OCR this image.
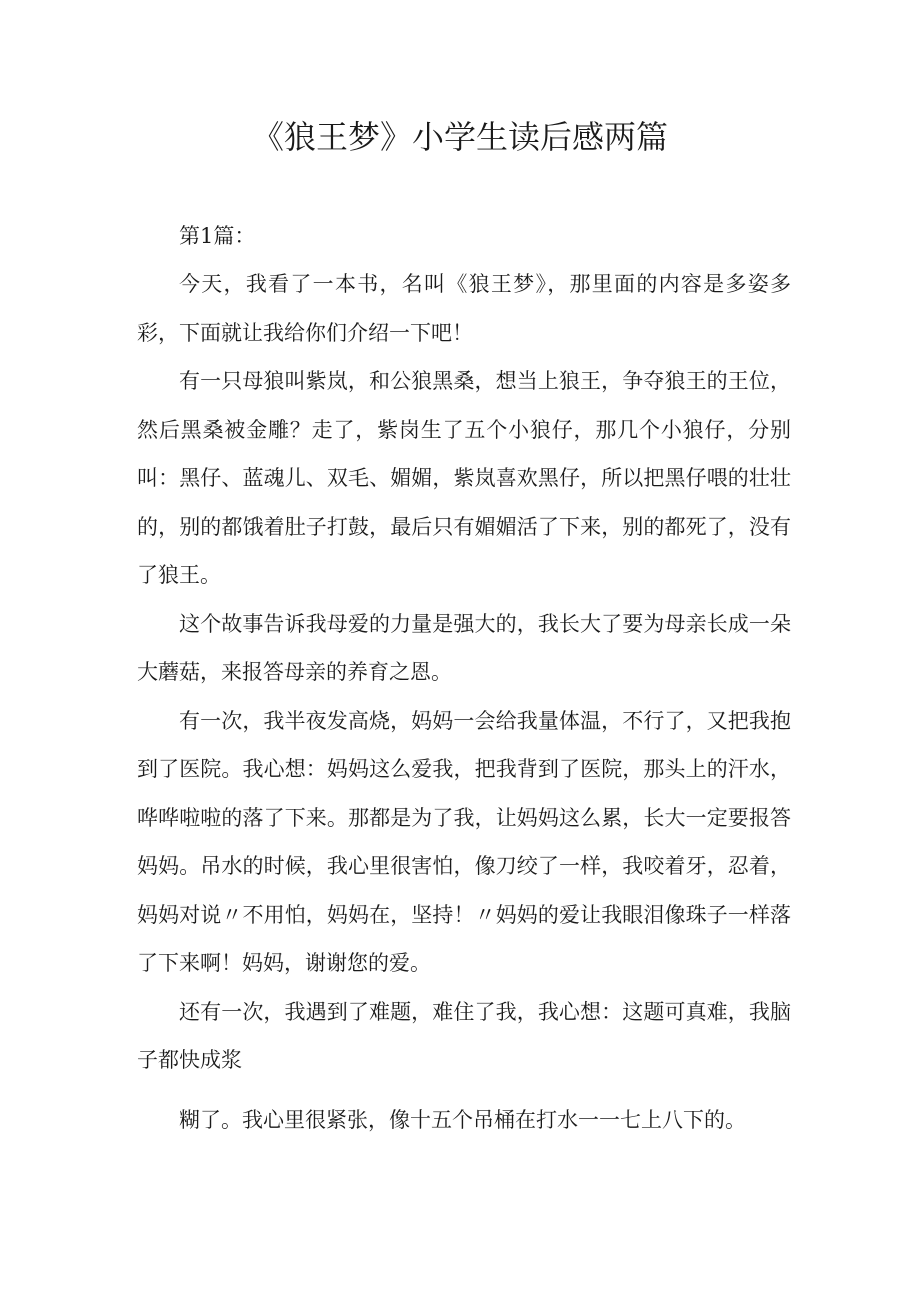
《狼王梦》小学生读后感两篇
第1篇：

今天，我看了一本书，名叫《狼王梦》，那里面的内容是多姿多彩，下面就让我给你们介绍一下吧！

有一只母狼叫紫岚，和公狼黑桑，想当上狼王，争夺狼王的王位，然后黑桑被金雕？走了，紫岗生了五个小狼仔，那几个小狼仔，分别叫：黑仔、蓝魂儿、双毛、媚媚，紫岚喜欢黑仔，所以把黑仔喂的壮壮的，别的都饿着肚子打鼓，最后只有媚媚活了下来，别的都死了，没有了狼王。

这个故事告诉我母爱的力量是强大的，我长大了要为母亲长成一朵大蘑菇，来报答母亲的养育之恩。

有一次，我半夜发高烧，妈妈一会给我量体温，不行了，又把我抱到了医院。我心想：妈妈这么爱我，把我背到了医院，那头上的汗水，哗哗啦啦的落了下来。那都是为了我，让妈妈这么累，长大一定要报答妈妈。吊水的时候，我心里很害怕，像刀绞了一样，我咬着牙，忍着，妈妈对说〃不用怕，妈妈在，坚持！〃妈妈的爱让我眼泪像珠子一样落了下来啊！妈妈，谢谢您的爱。

还有一次，我遇到了难题，难住了我，我心想：这题可真难，我脑子都快成浆

糊了。我心里很紧张，像十五个吊桶在打水一一七上八下的。
